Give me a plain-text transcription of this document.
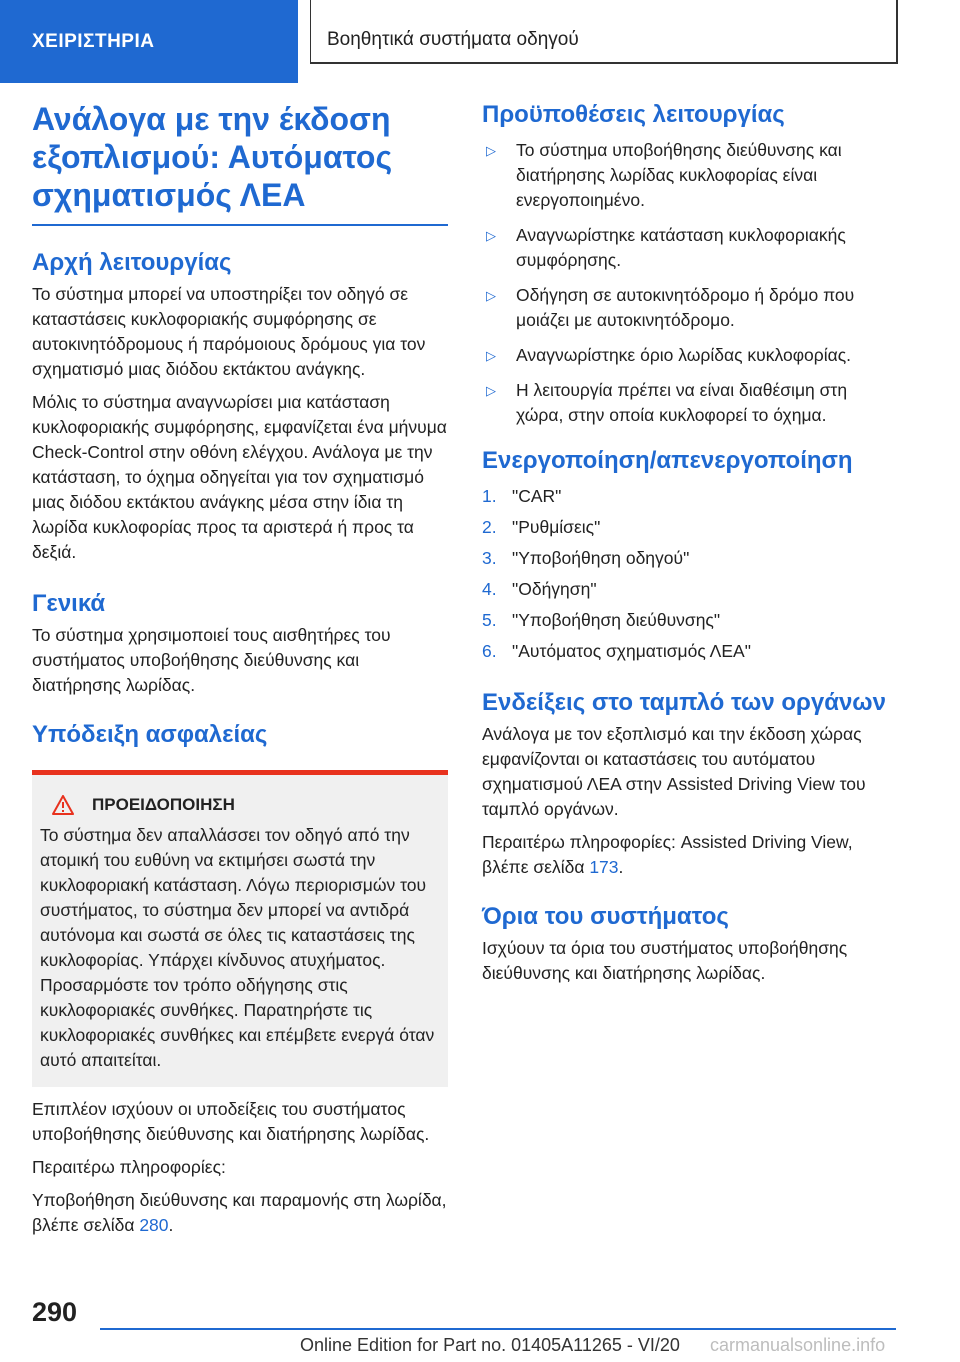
ΧΕΙΡΙΣΤΗΡΙΑ	Βοηθητικά συστήματα οδηγού
Ανάλογα με την έκδοση εξοπλισμού: Αυτόματος σχηματισμός ΛΕΑ
Αρχή λειτουργίας

Το σύστημα μπορεί να υποστηρίξει τον οδηγό σε καταστάσεις κυκλοφοριακής συμφόρησης σε αυτοκινητόδρομους ή παρόμοιους δρόμους για τον σχηματισμό μιας διόδου εκτάκτου ανάγκης.

Μόλις το σύστημα αναγνωρίσει μια κατάσταση κυκλοφοριακής συμφόρησης, εμφανίζεται ένα μήνυμα Check-Control στην οθόνη ελέγχου. Ανάλογα με την κατάσταση, το όχημα οδηγείται για τον σχηματισμό μιας διόδου εκτάκτου ανάγκης μέσα στην ίδια τη λωρίδα κυκλοφορίας προς τα αριστερά ή προς τα δεξιά.

Γενικά

Το σύστημα χρησιμοποιεί τους αισθητήρες του συστήματος υποβοήθησης διεύθυνσης και διατήρησης λωρίδας.

Υπόδειξη ασφαλείας
ΠΡΟΕΙΔΟΠΟΙΗΣΗ

Το σύστημα δεν απαλλάσσει τον οδηγό από την ατομική του ευθύνη να εκτιμήσει σωστά την κυκλοφοριακή κατάσταση. Λόγω περιορισμών του συστήματος, το σύστημα δεν μπορεί να αντιδρά αυτόνομα και σωστά σε όλες τις καταστάσεις της κυκλοφορίας. Υπάρχει κίνδυνος ατυχήματος. Προσαρμόστε τον τρόπο οδήγησης στις κυκλοφοριακές συνθήκες. Παρατηρήστε τις κυκλοφοριακές συνθήκες και επέμβετε ενεργά όταν αυτό απαιτείται.

Επιπλέον ισχύουν οι υποδείξεις του συστήματος υποβοήθησης διεύθυνσης και διατήρησης λωρίδας.

Περαιτέρω πληροφορίες:

Υποβοήθηση διεύθυνσης και παραμονής στη λωρίδα, βλέπε σελίδα 280.

Προϋποθέσεις λειτουργίας
▷	Το σύστημα υποβοήθησης διεύθυνσης και διατήρησης λωρίδας κυκλοφορίας είναι ενεργοποιημένο.

▷	Αναγνωρίστηκε κατάσταση κυκλοφοριακής συμφόρησης.

▷	Οδήγηση σε αυτοκινητόδρομο ή δρόμο που μοιάζει με αυτοκινητόδρομο.

▷	Αναγνωρίστηκε όριο λωρίδας κυκλοφορίας.

▷	Η λειτουργία πρέπει να είναι διαθέσιμη στη χώρα, στην οποία κυκλοφορεί το όχημα.

Ενεργοποίηση/απενεργοποίηση
1. "CAR"

2. "Ρυθμίσεις"

3. "Υποβοήθηση οδηγού"

4. "Οδήγηση"

5. "Υποβοήθηση διεύθυνσης"

6. "Αυτόματος σχηματισμός ΛΕΑ"

Ενδείξεις στο ταμπλό των οργάνων

Ανάλογα με τον εξοπλισμό και την έκδοση χώρας εμφανίζονται οι καταστάσεις του αυτόματου σχηματισμού ΛΕΑ στην Assisted Driving View του ταμπλό οργάνων.

Περαιτέρω πληροφορίες: Assisted Driving View, βλέπε σελίδα 173.

Όρια του συστήματος

Ισχύουν τα όρια του συστήματος υποβοήθησης διεύθυνσης και διατήρησης λωρίδας.

290
Online Edition for Part no. 01405A11265 - VI/20 carmanualsonline.info
